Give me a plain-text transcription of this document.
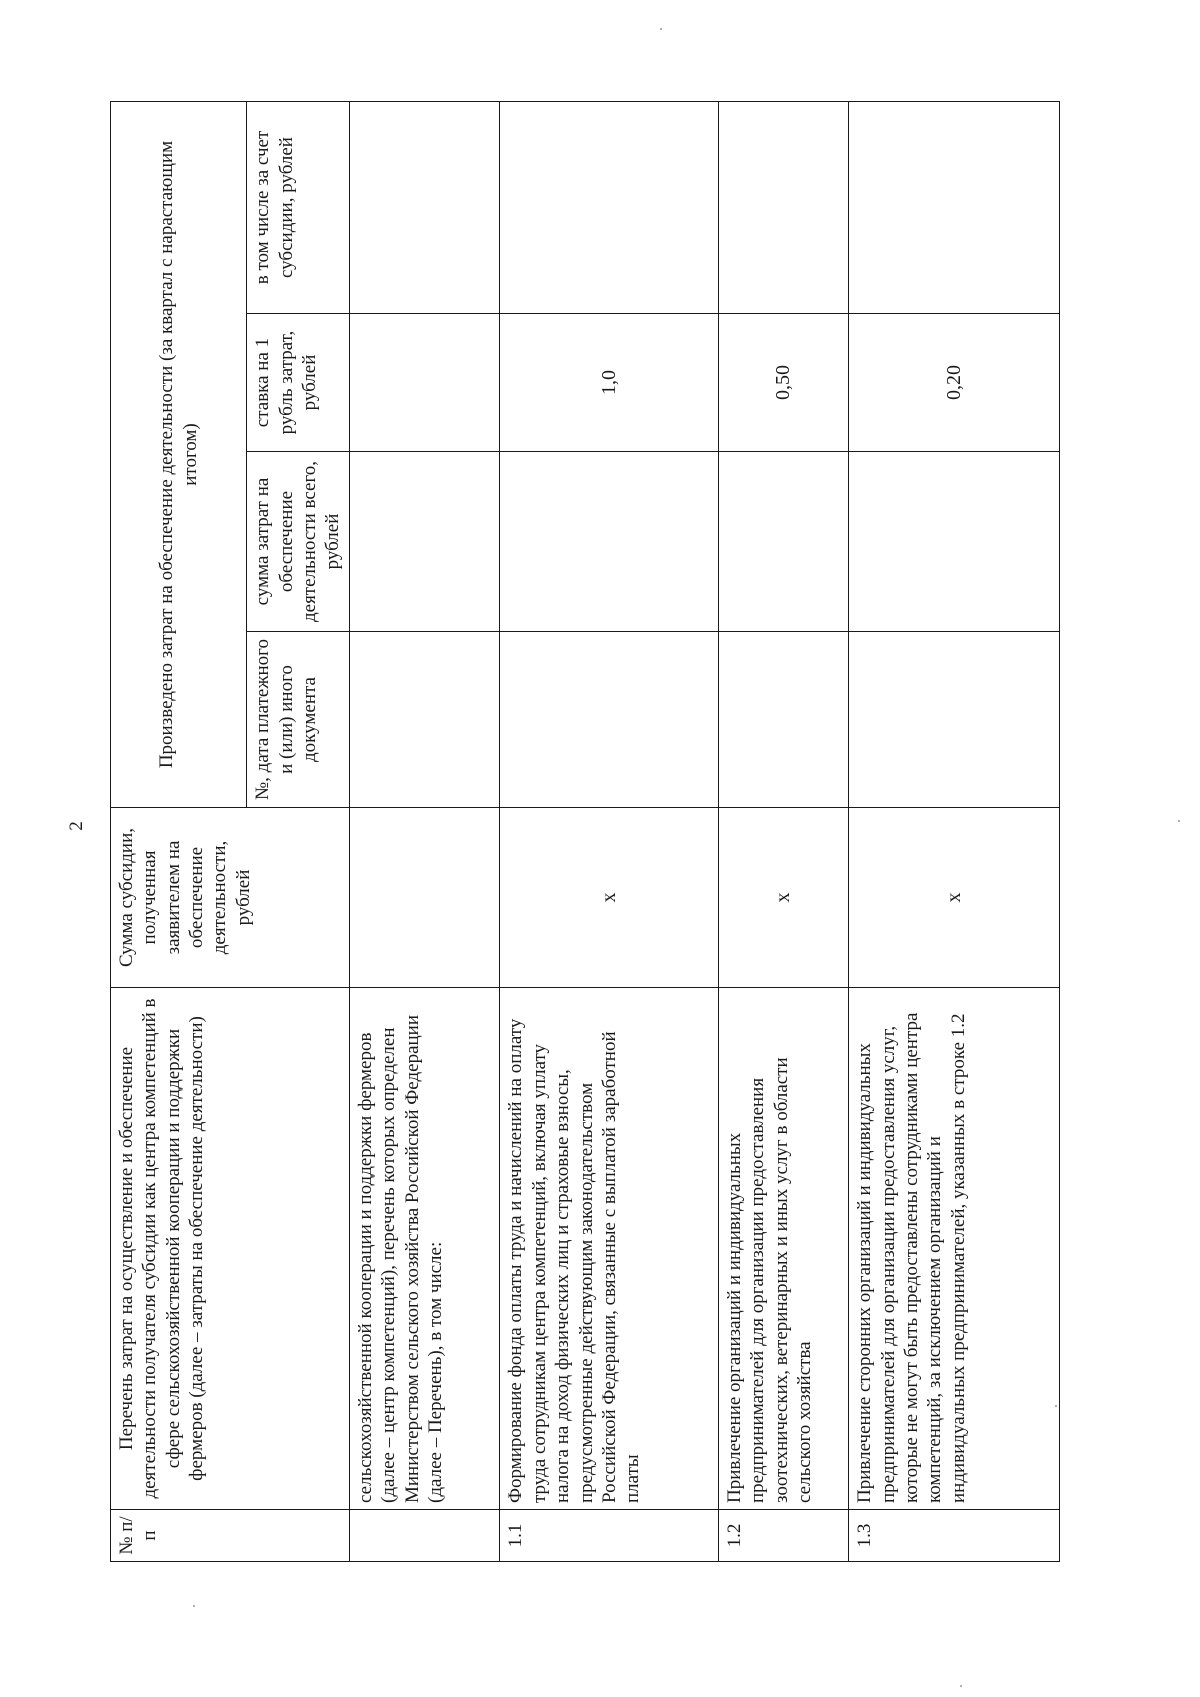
2
№ п/п	Перечень затрат на осуществление и обеспечение деятельности получателя субсидии как центра компетенций в сфере сельскохозяйственной кооперации и поддержки фермеров (далее – затраты на обеспечение деятельности)	Сумма субсидии, полученная заявителем на обеспечение деятельности, рублей	Произведено затрат на обеспечение деятельности (за квартал с нарастающим итогом)			
			№, дата платежного и (или) иного документа	сумма затрат на обеспечение деятельности всего, рублей	ставка на 1 рубль затрат, рублей	в том числе за счет субсидии, рублей
	сельскохозяйственной кооперации и поддержки фермеров (далее – центр компетенций), перечень которых определен Министерством сельского хозяйства Российской Федерации (далее – Перечень), в том числе:					
1.1	Формирование фонда оплаты труда и начислений на оплату труда сотрудникам центра компетенций, включая уплату налога на доход физических лиц и страховые взносы, предусмотренные действующим законодательством Российской Федерации, связанные с выплатой заработной платы	х			1,0	
1.2	Привлечение организаций и индивидуальных предпринимателей для организации предоставления зоотехнических, ветеринарных и иных услуг в области сельского хозяйства	х			0,50	
1.3	Привлечение сторонних организаций и индивидуальных предпринимателей для организации предоставления услуг, которые не могут быть предоставлены сотрудниками центра компетенций, за исключением организаций и индивидуальных предпринимателей, указанных в строке 1.2	х			0,20	
